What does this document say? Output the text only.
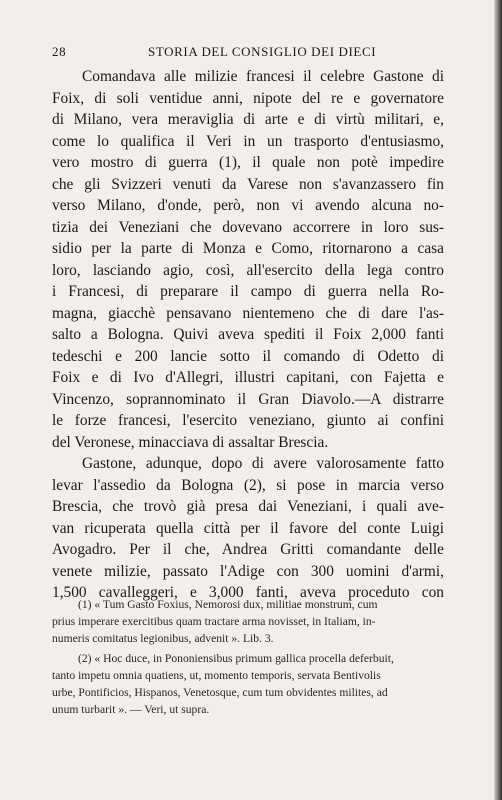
28	STORIA DEL CONSIGLIO DEI DIECI

Comandava alle milizie francesi il celebre Gastone di
Foix, di soli ventidue anni, nipote del re e governatore
di Milano, vera meraviglia di arte e di virtù militari, e,
come lo qualifica il Veri in un trasporto d'entusiasmo,
vero mostro di guerra (1), il quale non potè impedire
che gli Svizzeri venuti da Varese non s'avanzassero fin
verso Milano, d'onde, però, non vi avendo alcuna no-
tizia dei Veneziani che dovevano accorrere in loro sus-
sidio per la parte di Monza e Como, ritornarono a casa
loro, lasciando agio, così, all'esercito della lega contro
i Francesi, di preparare il campo di guerra nella Ro-
magna, giacchè pensavano nientemeno che di dare l'as-
salto a Bologna. Quivi aveva spediti il Foix 2,000 fanti
tedeschi e 200 lancie sotto il comando di Odetto di
Foix e di Ivo d'Allegri, illustri capitani, con Fajetta e
Vincenzo, soprannominato il Gran Diavolo.—A distrarre
le forze francesi, l'esercito veneziano, giunto ai confini
del Veronese, minacciava di assaltar Brescia.

Gastone, adunque, dopo di avere valorosamente fatto
levar l'assedio da Bologna (2), si pose in marcia verso
Brescia, che trovò già presa dai Veneziani, i quali ave-
van ricuperata quella città per il favore del conte Luigi
Avogadro. Per il che, Andrea Gritti comandante delle
venete milizie, passato l'Adige con 300 uomini d'armi,
1,500 cavalleggeri, e 3,000 fanti, aveva proceduto con

(1) « Tum Gasto Foxius, Nemorosi dux, militiae monstrum, cum
prius imperare exercitibus quam tractare arma novisset, in Italiam, in-
numeris comitatus legionibus, advenit ». Lib. 3.
(2) « Hoc duce, in Pononiensibus primum gallica procella deferbuit,
tanto impetu omnia quatiens, ut, momento temporis, servata Bentivolis
urbe, Pontificios, Hispanos, Venetosque, cum tum obvidentes milites, ad
unum turbarit ». — Veri, ut supra.
